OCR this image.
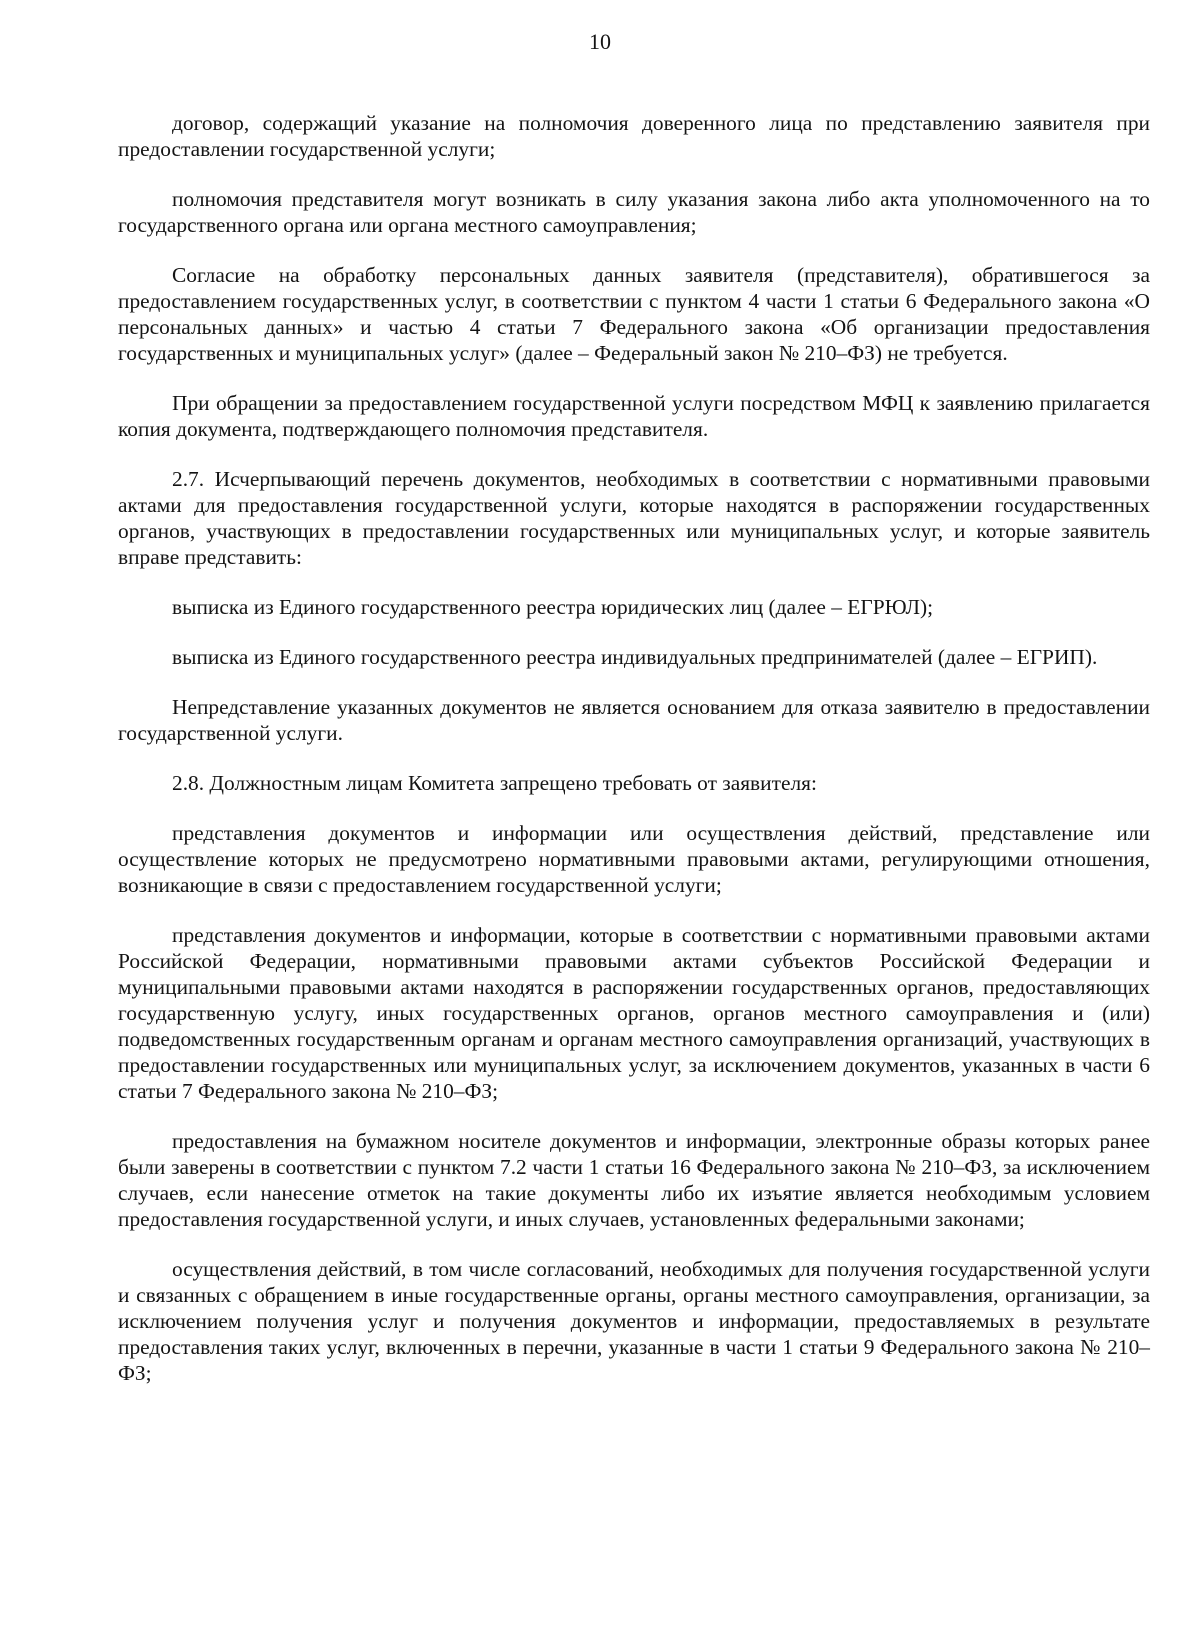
10

договор, содержащий указание на полномочия доверенного лица по представлению заявителя при предоставлении государственной услуги;

полномочия представителя могут возникать в силу указания закона либо акта уполномоченного на то государственного органа или органа местного самоуправления;

Согласие на обработку персональных данных заявителя (представителя), обратившегося за предоставлением государственных услуг, в соответствии с пунктом 4 части 1 статьи 6 Федерального закона «О персональных данных» и частью 4 статьи 7 Федерального закона «Об организации предоставления государственных и муниципальных услуг» (далее – Федеральный закон № 210–ФЗ) не требуется.

При обращении за предоставлением государственной услуги посредством МФЦ к заявлению прилагается копия документа, подтверждающего полномочия представителя.

2.7. Исчерпывающий перечень документов, необходимых в соответствии с нормативными правовыми актами для предоставления государственной услуги, которые находятся в распоряжении государственных органов, участвующих в предоставлении государственных или муниципальных услуг, и которые заявитель вправе представить:

выписка из Единого государственного реестра юридических лиц (далее – ЕГРЮЛ);

выписка из Единого государственного реестра индивидуальных предпринимателей (далее – ЕГРИП).

Непредставление указанных документов не является основанием для отказа заявителю в предоставлении государственной услуги.

2.8. Должностным лицам Комитета запрещено требовать от заявителя:

представления документов и информации или осуществления действий, представление или осуществление которых не предусмотрено нормативными правовыми актами, регулирующими отношения, возникающие в связи с предоставлением государственной услуги;

представления документов и информации, которые в соответствии с нормативными правовыми актами Российской Федерации, нормативными правовыми актами субъектов Российской Федерации и муниципальными правовыми актами находятся в распоряжении государственных органов, предоставляющих государственную услугу, иных государственных органов, органов местного самоуправления и (или) подведомственных государственным органам и органам местного самоуправления организаций, участвующих в предоставлении государственных или муниципальных услуг, за исключением документов, указанных в части 6 статьи 7 Федерального закона № 210–ФЗ;

предоставления на бумажном носителе документов и информации, электронные образы которых ранее были заверены в соответствии с пунктом 7.2 части 1 статьи 16 Федерального закона № 210–ФЗ, за исключением случаев, если нанесение отметок на такие документы либо их изъятие является необходимым условием предоставления государственной услуги, и иных случаев, установленных федеральными законами;

осуществления действий, в том числе согласований, необходимых для получения государственной услуги и связанных с обращением в иные государственные органы, органы местного самоуправления, организации, за исключением получения услуг и получения документов и информации, предоставляемых в результате предоставления таких услуг, включенных в перечни, указанные в части 1 статьи 9 Федерального закона № 210–ФЗ;
